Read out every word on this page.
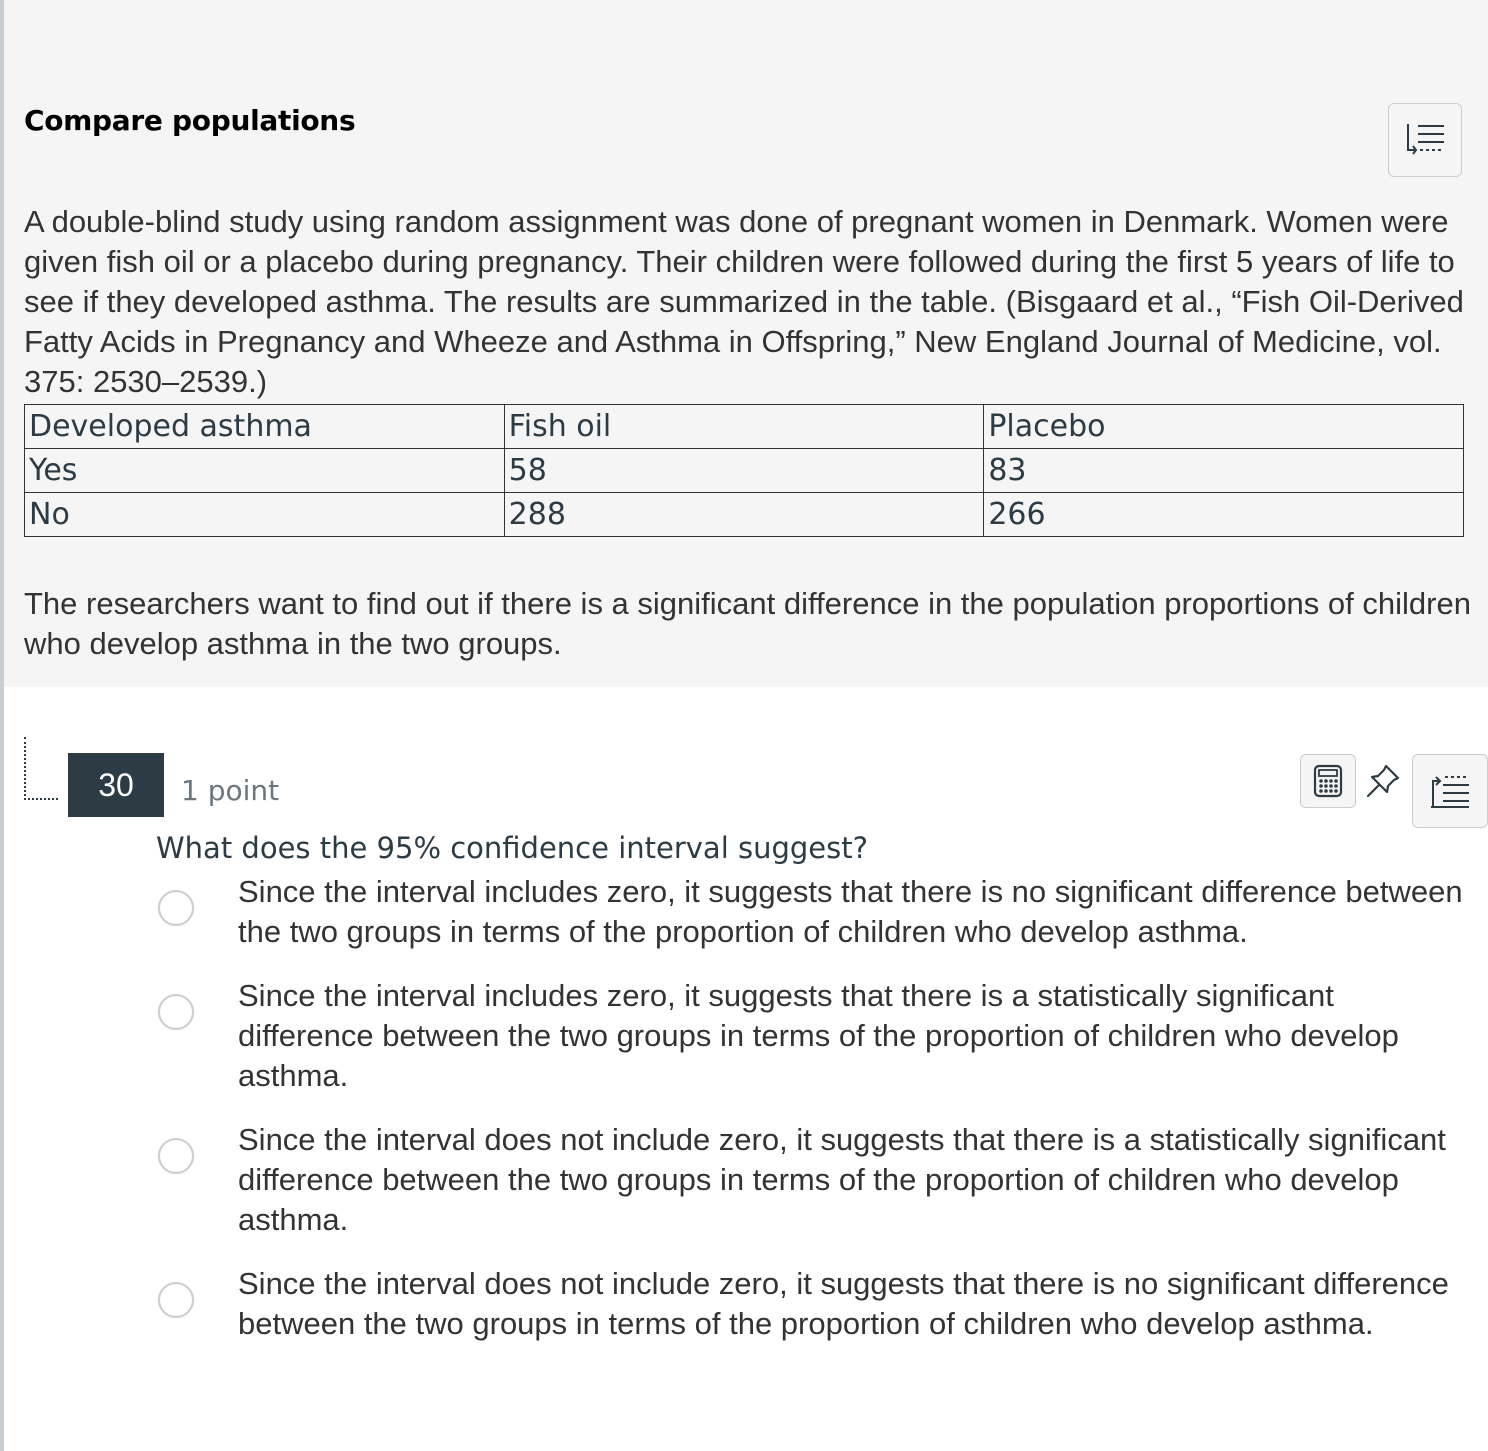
Compare populations

A double-blind study using random assignment was done of pregnant women in Denmark. Women were given fish oil or a placebo during pregnancy. Their children were followed during the first 5 years of life to see if they developed asthma. The results are summarized in the table. (Bisgaard et al., “Fish Oil-Derived Fatty Acids in Pregnancy and Wheeze and Asthma in Offspring,” New England Journal of Medicine, vol. 375: 2530–2539.)

Developed asthma	Fish oil	Placebo
Yes	58	83
No	288	266

The researchers want to find out if there is a significant difference in the population proportions of children who develop asthma in the two groups.

30	1 point

What does the 95% confidence interval suggest?

Since the interval includes zero, it suggests that there is no significant difference between the two groups in terms of the proportion of children who develop asthma.
Since the interval includes zero, it suggests that there is a statistically significant difference between the two groups in terms of the proportion of children who develop asthma.
Since the interval does not include zero, it suggests that there is a statistically significant difference between the two groups in terms of the proportion of children who develop asthma.
Since the interval does not include zero, it suggests that there is no significant difference between the two groups in terms of the proportion of children who develop asthma.
